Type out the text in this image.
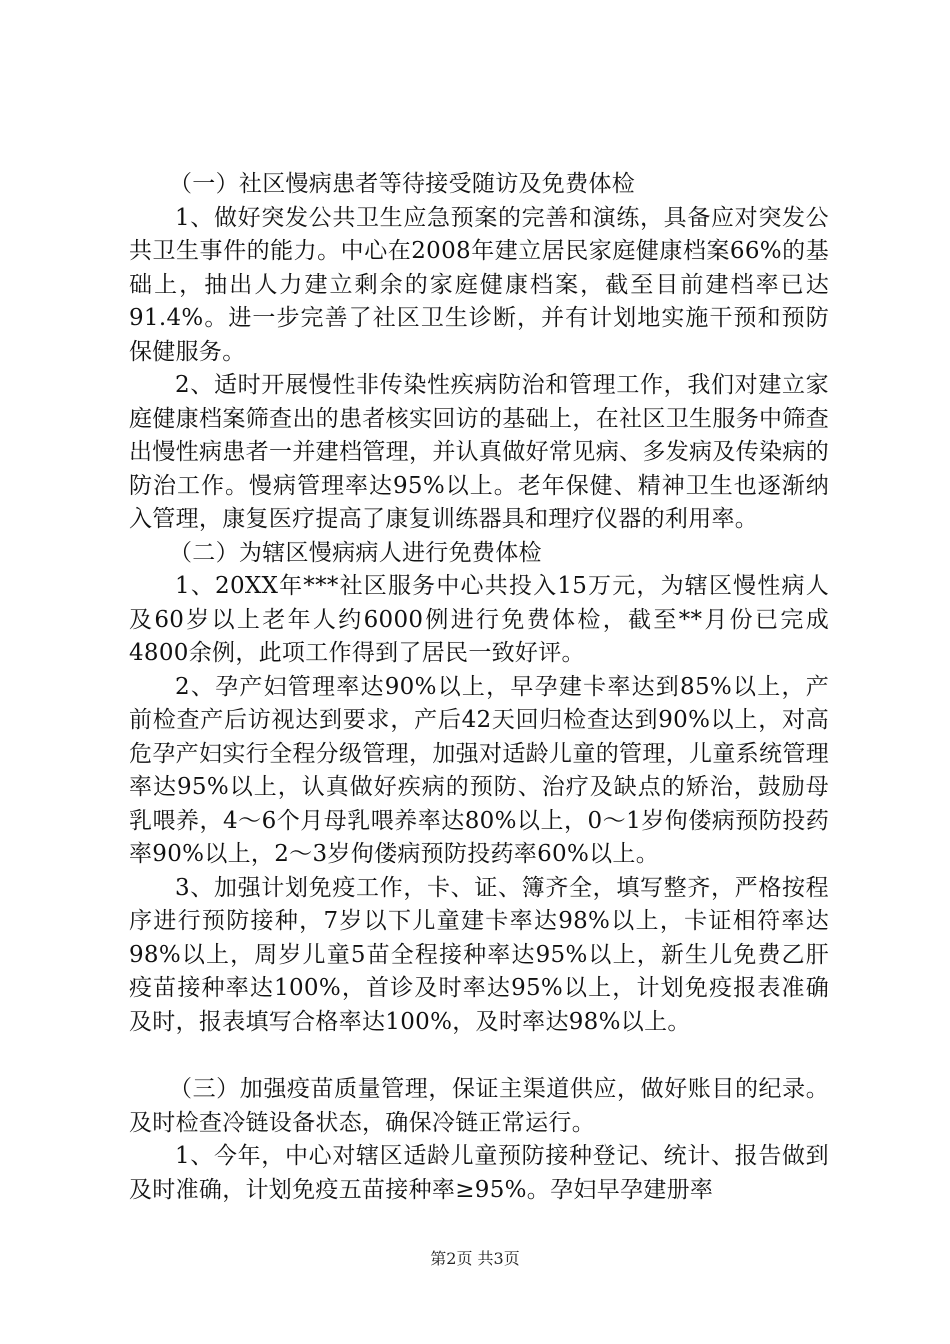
（一）社区慢病患者等待接受随访及免费体检

1、做好突发公共卫生应急预案的完善和演练，具备应对突发公共卫生事件的能力。中心在2008年建立居民家庭健康档案66%的基础上，抽出人力建立剩余的家庭健康档案，截至目前建档率已达91.4%。进一步完善了社区卫生诊断，并有计划地实施干预和预防保健服务。

2、适时开展慢性非传染性疾病防治和管理工作，我们对建立家庭健康档案筛查出的患者核实回访的基础上，在社区卫生服务中筛查出慢性病患者一并建档管理，并认真做好常见病、多发病及传染病的防治工作。慢病管理率达95%以上。老年保健、精神卫生也逐渐纳入管理，康复医疗提高了康复训练器具和理疗仪器的利用率。

（二）为辖区慢病病人进行免费体检

1、20XX年***社区服务中心共投入15万元，为辖区慢性病人及60岁以上老年人约6000例进行免费体检，截至**月份已完成4800余例，此项工作得到了居民一致好评。

2、孕产妇管理率达90%以上，早孕建卡率达到85%以上，产前检查产后访视达到要求，产后42天回归检查达到90%以上，对高危孕产妇实行全程分级管理，加强对适龄儿童的管理，儿童系统管理率达95%以上，认真做好疾病的预防、治疗及缺点的矫治，鼓励母乳喂养，4～6个月母乳喂养率达80%以上，0～1岁佝偻病预防投药率90%以上，2～3岁佝偻病预防投药率60%以上。

3、加强计划免疫工作，卡、证、簿齐全，填写整齐，严格按程序进行预防接种，7岁以下儿童建卡率达98%以上，卡证相符率达98%以上，周岁儿童5苗全程接种率达95%以上，新生儿免费乙肝疫苗接种率达100%，首诊及时率达95%以上，计划免疫报表准确及时，报表填写合格率达100%，及时率达98%以上。

（三）加强疫苗质量管理，保证主渠道供应，做好账目的纪录。及时检查冷链设备状态，确保冷链正常运行。

1、今年，中心对辖区适龄儿童预防接种登记、统计、报告做到及时准确，计划免疫五苗接种率≥95%。孕妇早孕建册率

第2页 共3页
